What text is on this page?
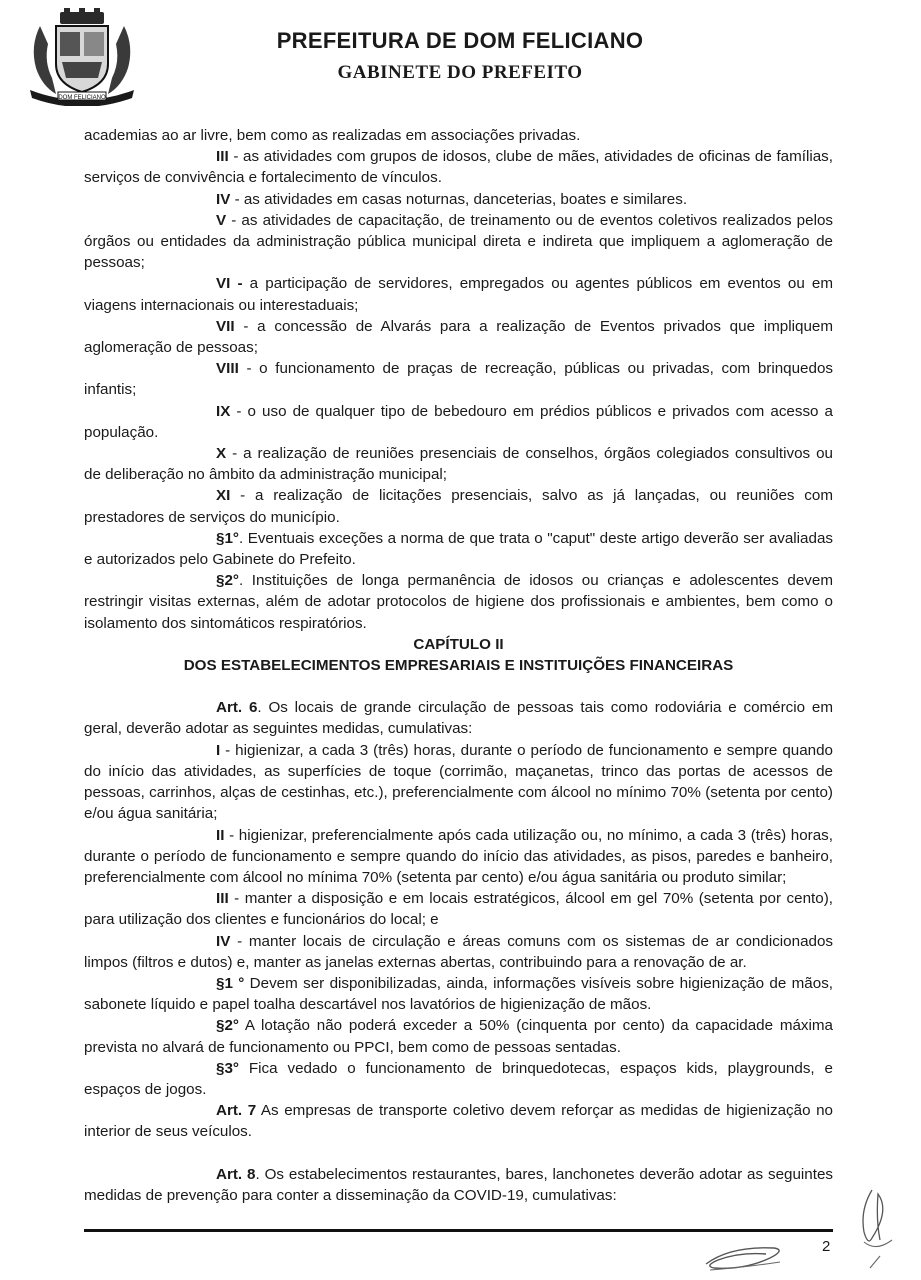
DOM FELICIANO
PREFEITURA DE DOM FELICIANO
GABINETE DO PREFEITO

academias ao ar livre, bem como as realizadas em associações privadas.

III - as atividades com grupos de idosos, clube de mães, atividades de oficinas de famílias, serviços de convivência e fortalecimento de vínculos.

IV - as atividades em casas noturnas, danceterias, boates e similares.

V - as atividades de capacitação, de treinamento ou de eventos coletivos realizados pelos órgãos ou entidades da administração pública municipal direta e indireta que impliquem a aglomeração de pessoas;

VI - a participação de servidores, empregados ou agentes públicos em eventos ou em viagens internacionais ou interestaduais;

VII - a concessão de Alvarás para a realização de Eventos privados que impliquem aglomeração de pessoas;

VIII - o funcionamento de praças de recreação, públicas ou privadas, com brinquedos infantis;

IX - o uso de qualquer tipo de bebedouro em prédios públicos e privados com acesso a população.

X - a realização de reuniões presenciais de conselhos, órgãos colegiados consultivos ou de deliberação no âmbito da administração municipal;

XI - a realização de licitações presenciais, salvo as já lançadas, ou reuniões com prestadores de serviços do município.

§1°. Eventuais exceções a norma de que trata o "caput" deste artigo deverão ser avaliadas e autorizados pelo Gabinete do Prefeito.

§2°. Instituições de longa permanência de idosos ou crianças e adolescentes devem restringir visitas externas, além de adotar protocolos de higiene dos profissionais e ambientes, bem como o isolamento dos sintomáticos respiratórios.

CAPÍTULO II

DOS ESTABELECIMENTOS EMPRESARIAIS E INSTITUIÇÕES FINANCEIRAS

Art. 6. Os locais de grande circulação de pessoas tais como rodoviária e comércio em geral, deverão adotar as seguintes medidas, cumulativas:

I - higienizar, a cada 3 (três) horas, durante o período de funcionamento e sempre quando do início das atividades, as superfícies de toque (corrimão, maçanetas, trinco das portas de acessos de pessoas, carrinhos, alças de cestinhas, etc.), preferencialmente com álcool no mínimo 70% (setenta por cento) e/ou água sanitária;

II - higienizar, preferencialmente após cada utilização ou, no mínimo, a cada 3 (três) horas, durante o período de funcionamento e sempre quando do início das atividades, as pisos, paredes e banheiro, preferencialmente com álcool no mínima 70% (setenta par cento) e/ou água sanitária ou produto similar;

III - manter a disposição e em locais estratégicos, álcool em gel 70% (setenta por cento), para utilização dos clientes e funcionários do local; e

IV - manter locais de circulação e áreas comuns com os sistemas de ar condicionados limpos (filtros e dutos) e, manter as janelas externas abertas, contribuindo para a renovação de ar.

§1 ° Devem ser disponibilizadas, ainda, informações visíveis sobre higienização de mãos, sabonete líquido e papel toalha descartável nos lavatórios de higienização de mãos.

§2° A lotação não poderá exceder a 50% (cinquenta por cento) da capacidade máxima prevista no alvará de funcionamento ou PPCI, bem como de pessoas sentadas.

§3° Fica vedado o funcionamento de brinquedotecas, espaços kids, playgrounds, e espaços de jogos.

Art. 7 As empresas de transporte coletivo devem reforçar as medidas de higienização no interior de seus veículos.

Art. 8. Os estabelecimentos restaurantes, bares, lanchonetes deverão adotar as seguintes medidas de prevenção para conter a disseminação da COVID-19, cumulativas:

2
